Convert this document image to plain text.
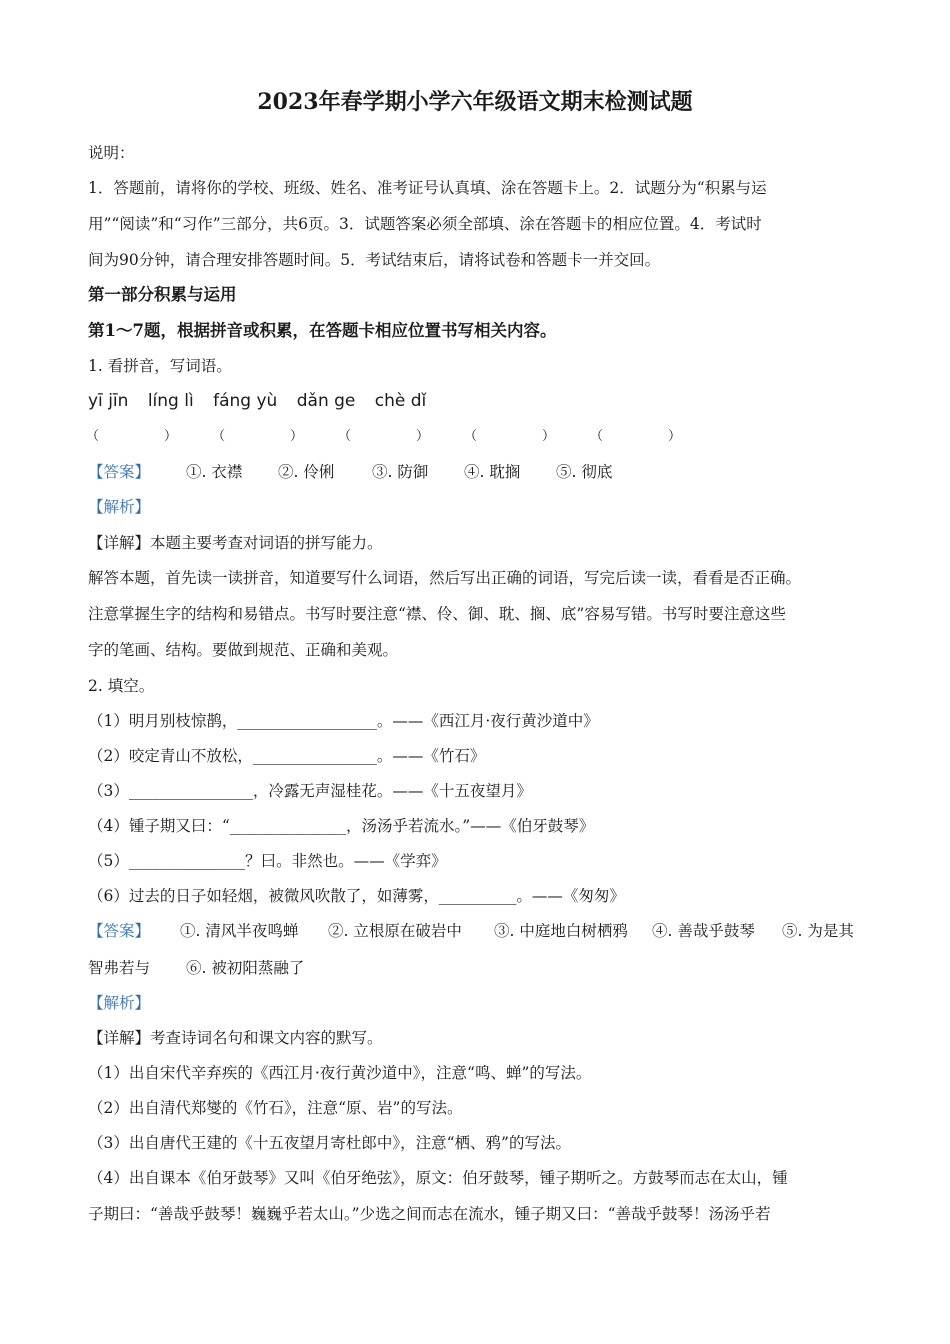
2023年春学期小学六年级语文期末检测试题
说明：
1．答题前，请将你的学校、班级、姓名、准考证号认真填、涂在答题卡上。2．试题分为“积累与运
用”“阅读”和“习作”三部分，共6页。3．试题答案必须全部填、涂在答题卡的相应位置。4．考试时
间为90分钟，请合理安排答题时间。5．考试结束后，请将试卷和答题卡一并交回。
第一部分积累与运用
第1～7题，根据拼音或积累，在答题卡相应位置书写相关内容。
1. 看拼音，写词语。
yī jīn líng lì fáng yù dǎn ge chè dǐ
（　　　　　）	（　　　　　）	（　　　　　）	（　　　　　）	（　　　　　）
【答案】 ①. 衣襟 ②. 伶俐 ③. 防御 ④. 耽搁 ⑤. 彻底
【解析】
【详解】本题主要考查对词语的拼写能力。
解答本题，首先读一读拼音，知道要写什么词语，然后写出正确的词语，写完后读一读，看看是否正确。
注意掌握生字的结构和易错点。书写时要注意“襟、伶、御、耽、搁、底”容易写错。书写时要注意这些
字的笔画、结构。要做到规范、正确和美观。
2. 填空。
（1）明月别枝惊鹊，__________________。——《西江月·夜行黄沙道中》
（2）咬定青山不放松，________________。——《竹石》
（3）________________，冷露无声湿桂花。——《十五夜望月》
（4）锺子期又曰：“_______________，汤汤乎若流水。”——《伯牙鼓琴》
（5）_______________？曰。非然也。——《学弈》
（6）过去的日子如轻烟，被微风吹散了，如薄雾，__________。——《匆匆》
【答案】 ①. 清风半夜鸣蝉 ②. 立根原在破岩中 ③. 中庭地白树栖鸦 ④. 善哉乎鼓琴 ⑤. 为是其
智弗若与 ⑥. 被初阳蒸融了
【解析】
【详解】考查诗词名句和课文内容的默写。
（1）出自宋代辛弃疾的《西江月·夜行黄沙道中》，注意“鸣、蝉”的写法。
（2）出自清代郑燮的《竹石》，注意“原、岩”的写法。
（3）出自唐代王建的《十五夜望月寄杜郎中》，注意“栖、鸦”的写法。
（4）出自课本《伯牙鼓琴》又叫《伯牙绝弦》，原文：伯牙鼓琴，锺子期听之。方鼓琴而志在太山，锺
子期曰：“善哉乎鼓琴！巍巍乎若太山。”少选之间而志在流水，锺子期又曰：“善哉乎鼓琴！汤汤乎若
